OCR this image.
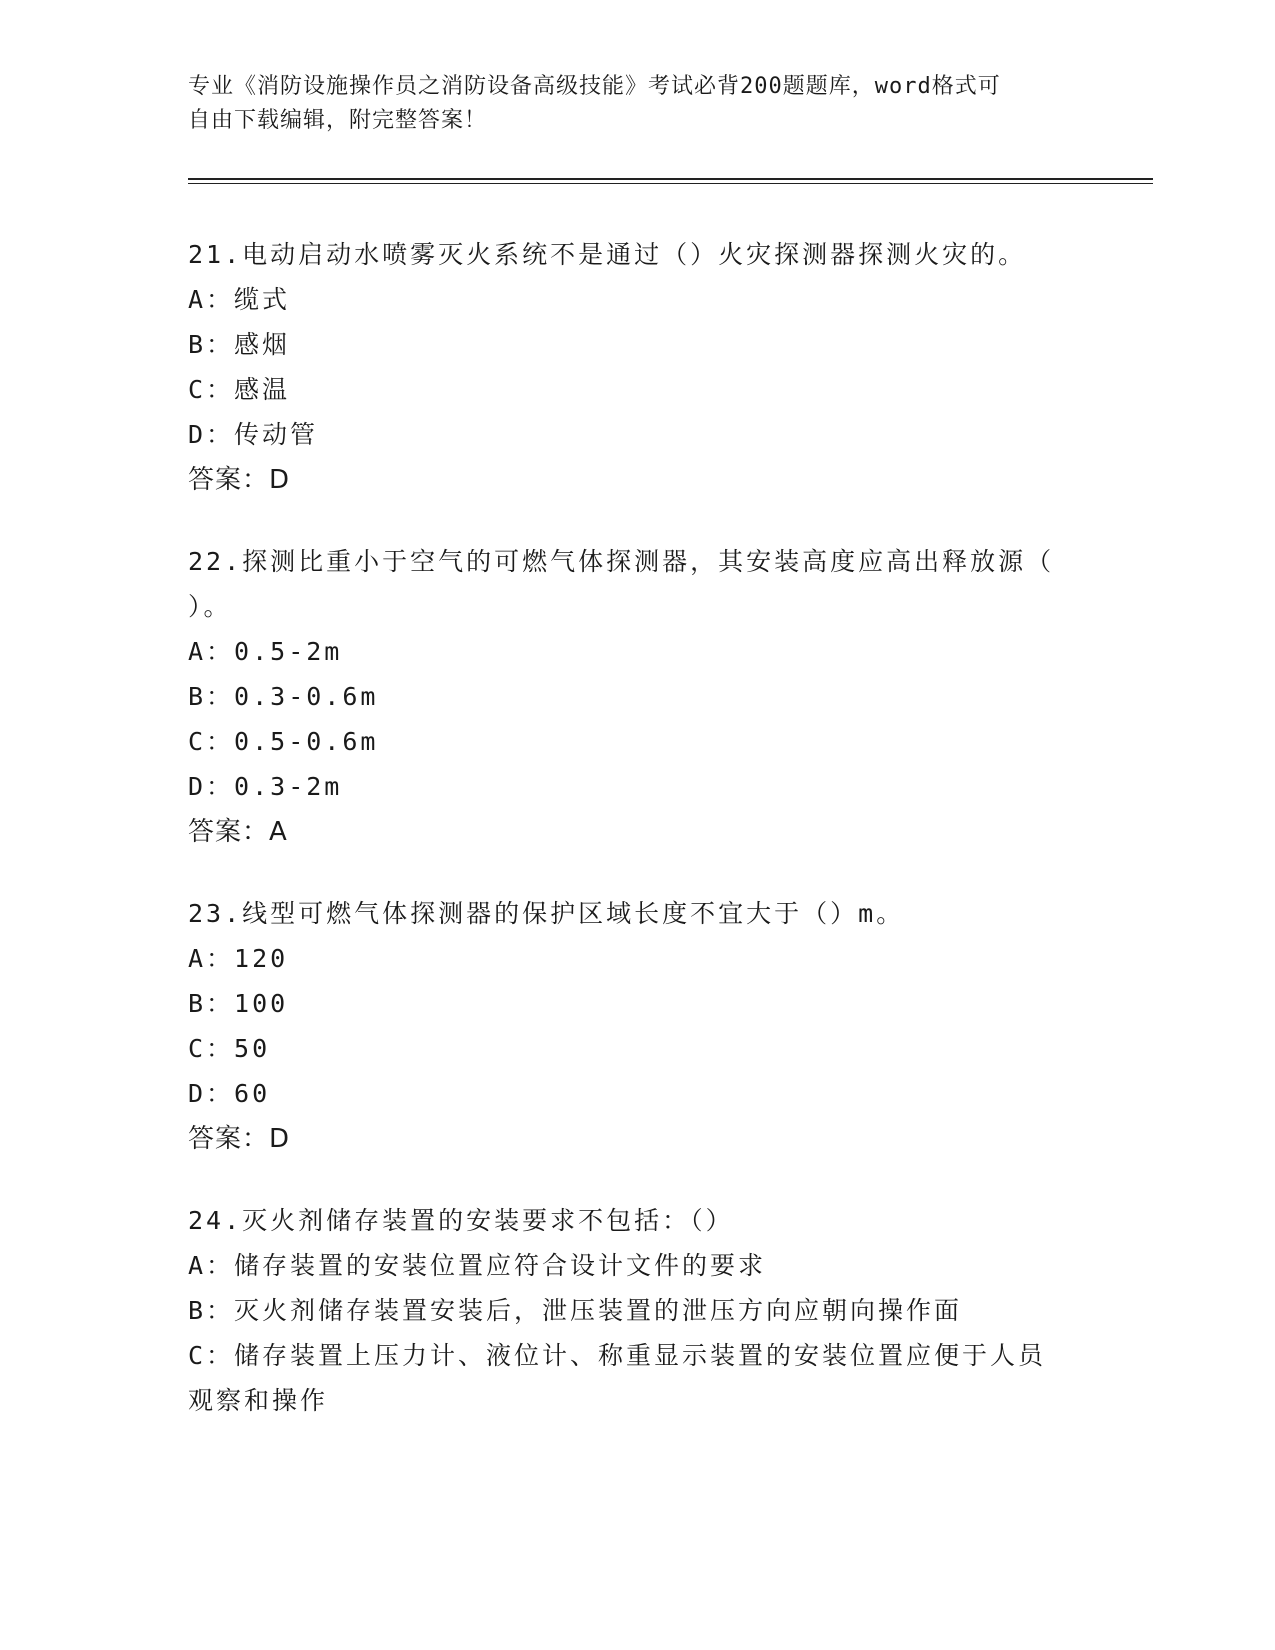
专业《消防设施操作员之消防设备高级技能》考试必背200题题库，word格式可
自由下载编辑，附完整答案！
21.电动启动水喷雾灭火系统不是通过（）火灾探测器探测火灾的。
A：缆式
B：感烟
C：感温
D：传动管
答案：D
22.探测比重小于空气的可燃气体探测器，其安装高度应高出释放源（
）。
A：0.5-2m
B：0.3-0.6m
C：0.5-0.6m
D：0.3-2m
答案：A
23.线型可燃气体探测器的保护区域长度不宜大于（）m。
A：120
B：100
C：50
D：60
答案：D
24.灭火剂储存装置的安装要求不包括：（）
A：储存装置的安装位置应符合设计文件的要求
B：灭火剂储存装置安装后，泄压装置的泄压方向应朝向操作面
C：储存装置上压力计、液位计、称重显示装置的安装位置应便于人员
观察和操作
